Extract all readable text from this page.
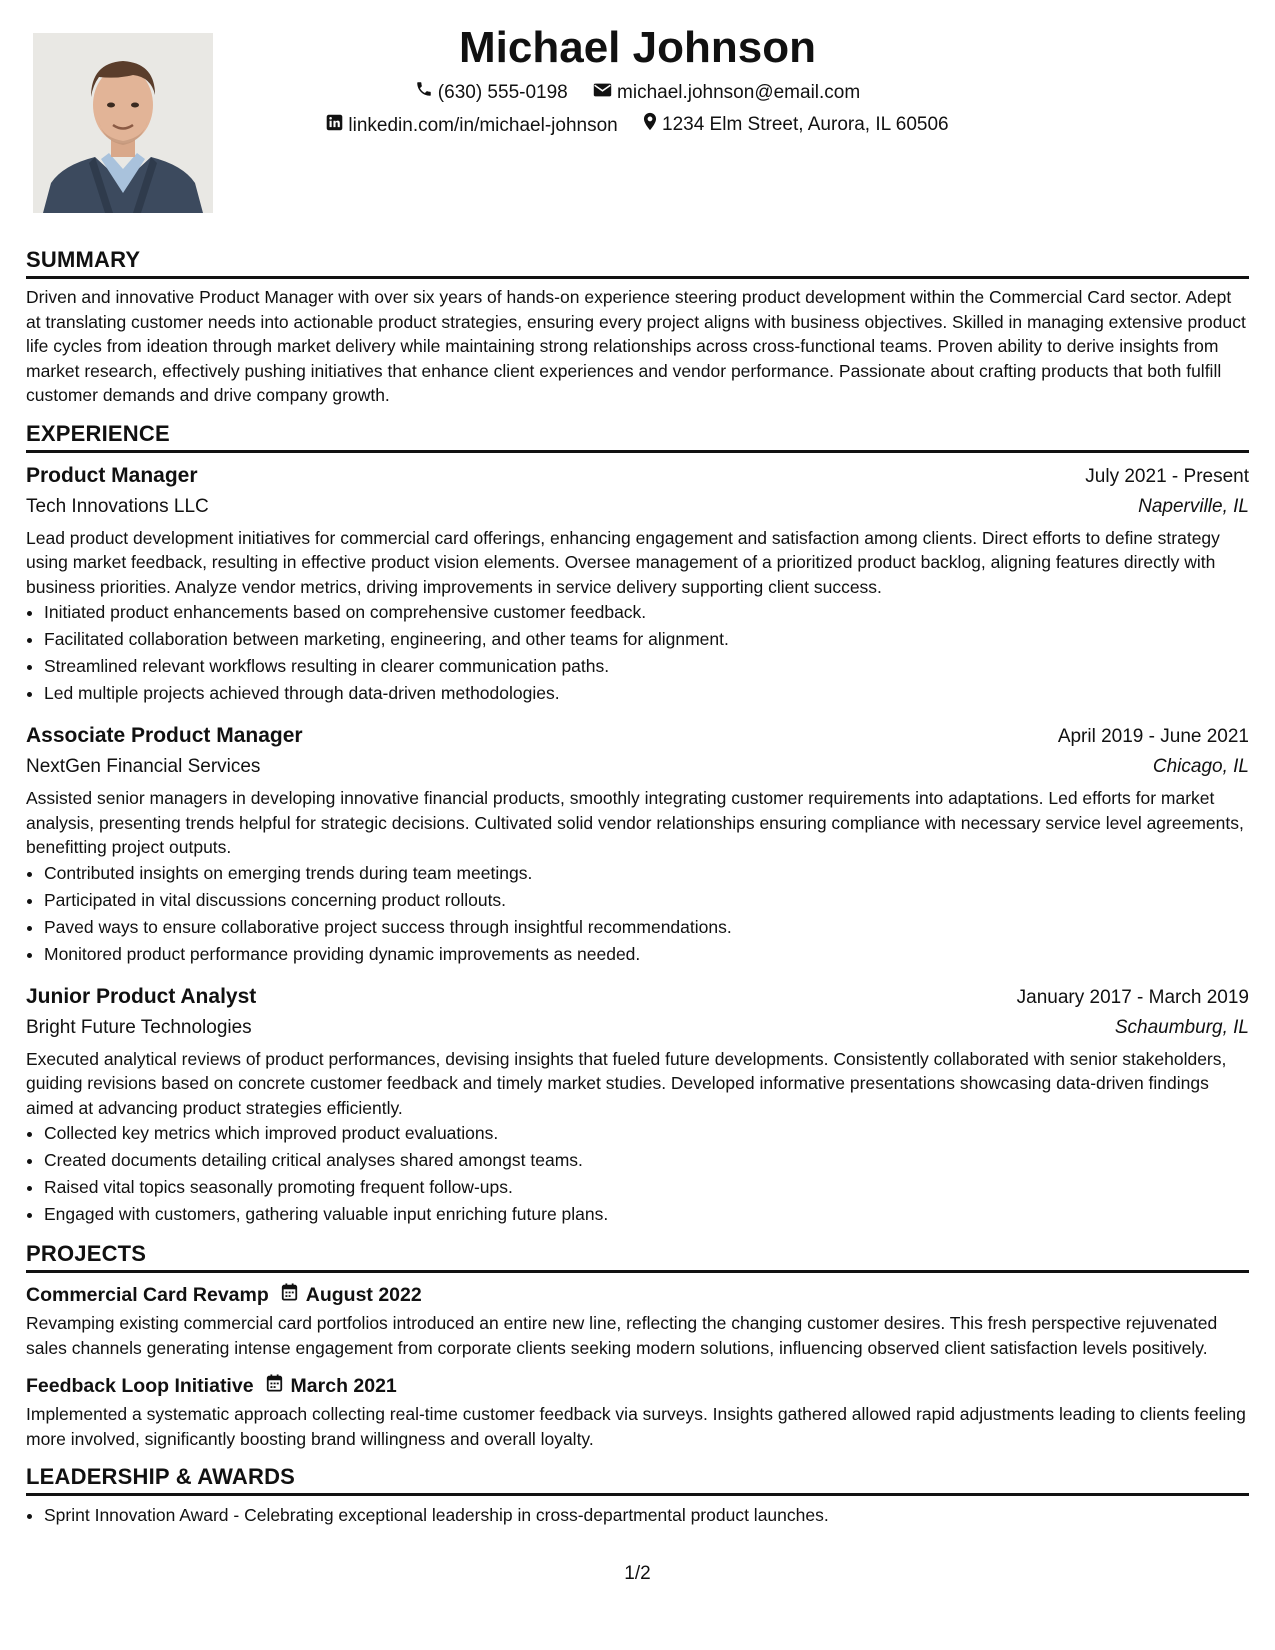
Michael Johnson
(630) 555-0198
	michael.johnson@email.com
linkedin.com/in/michael-johnson
1234 Elm Street, Aurora, IL 60506
SUMMARY

Driven and innovative Product Manager with over six years of hands-on experience steering product development within the Commercial Card sector. Adept at translating customer needs into actionable product strategies, ensuring every project aligns with business objectives. Skilled in managing extensive product life cycles from ideation through market delivery while maintaining strong relationships across cross-functional teams. Proven ability to derive insights from market research, effectively pushing initiatives that enhance client experiences and vendor performance. Passionate about crafting products that both fulfill customer demands and drive company growth.

EXPERIENCE
Product Manager	July 2021 - Present
Tech Innovations LLC	Naperville, IL

Lead product development initiatives for commercial card offerings, enhancing engagement and satisfaction among clients. Direct efforts to define strategy using market feedback, resulting in effective product vision elements. Oversee management of a prioritized product backlog, aligning features directly with business priorities. Analyze vendor metrics, driving improvements in service delivery supporting client success.

• Initiated product enhancements based on comprehensive customer feedback.
• Facilitated collaboration between marketing, engineering, and other teams for alignment.
• Streamlined relevant workflows resulting in clearer communication paths.
• Led multiple projects achieved through data-driven methodologies.
Associate Product Manager	April 2019 - June 2021
NextGen Financial Services	Chicago, IL

Assisted senior managers in developing innovative financial products, smoothly integrating customer requirements into adaptations. Led efforts for market analysis, presenting trends helpful for strategic decisions. Cultivated solid vendor relationships ensuring compliance with necessary service level agreements, benefitting project outputs.

• Contributed insights on emerging trends during team meetings.
• Participated in vital discussions concerning product rollouts.
• Paved ways to ensure collaborative project success through insightful recommendations.
• Monitored product performance providing dynamic improvements as needed.
Junior Product Analyst	January 2017 - March 2019
Bright Future Technologies	Schaumburg, IL

Executed analytical reviews of product performances, devising insights that fueled future developments. Consistently collaborated with senior stakeholders, guiding revisions based on concrete customer feedback and timely market studies. Developed informative presentations showcasing data-driven findings aimed at advancing product strategies efficiently.

• Collected key metrics which improved product evaluations.
• Created documents detailing critical analyses shared amongst teams.
• Raised vital topics seasonally promoting frequent follow-ups.
• Engaged with customers, gathering valuable input enriching future plans.
PROJECTS
Commercial Card Revamp August 2022

Revamping existing commercial card portfolios introduced an entire new line, reflecting the changing customer desires. This fresh perspective rejuvenated sales channels generating intense engagement from corporate clients seeking modern solutions, influencing observed client satisfaction levels positively.

Feedback Loop Initiative March 2021

Implemented a systematic approach collecting real-time customer feedback via surveys. Insights gathered allowed rapid adjustments leading to clients feeling more involved, significantly boosting brand willingness and overall loyalty.

LEADERSHIP & AWARDS
• Sprint Innovation Award - Celebrating exceptional leadership in cross-departmental product launches.
1/2
